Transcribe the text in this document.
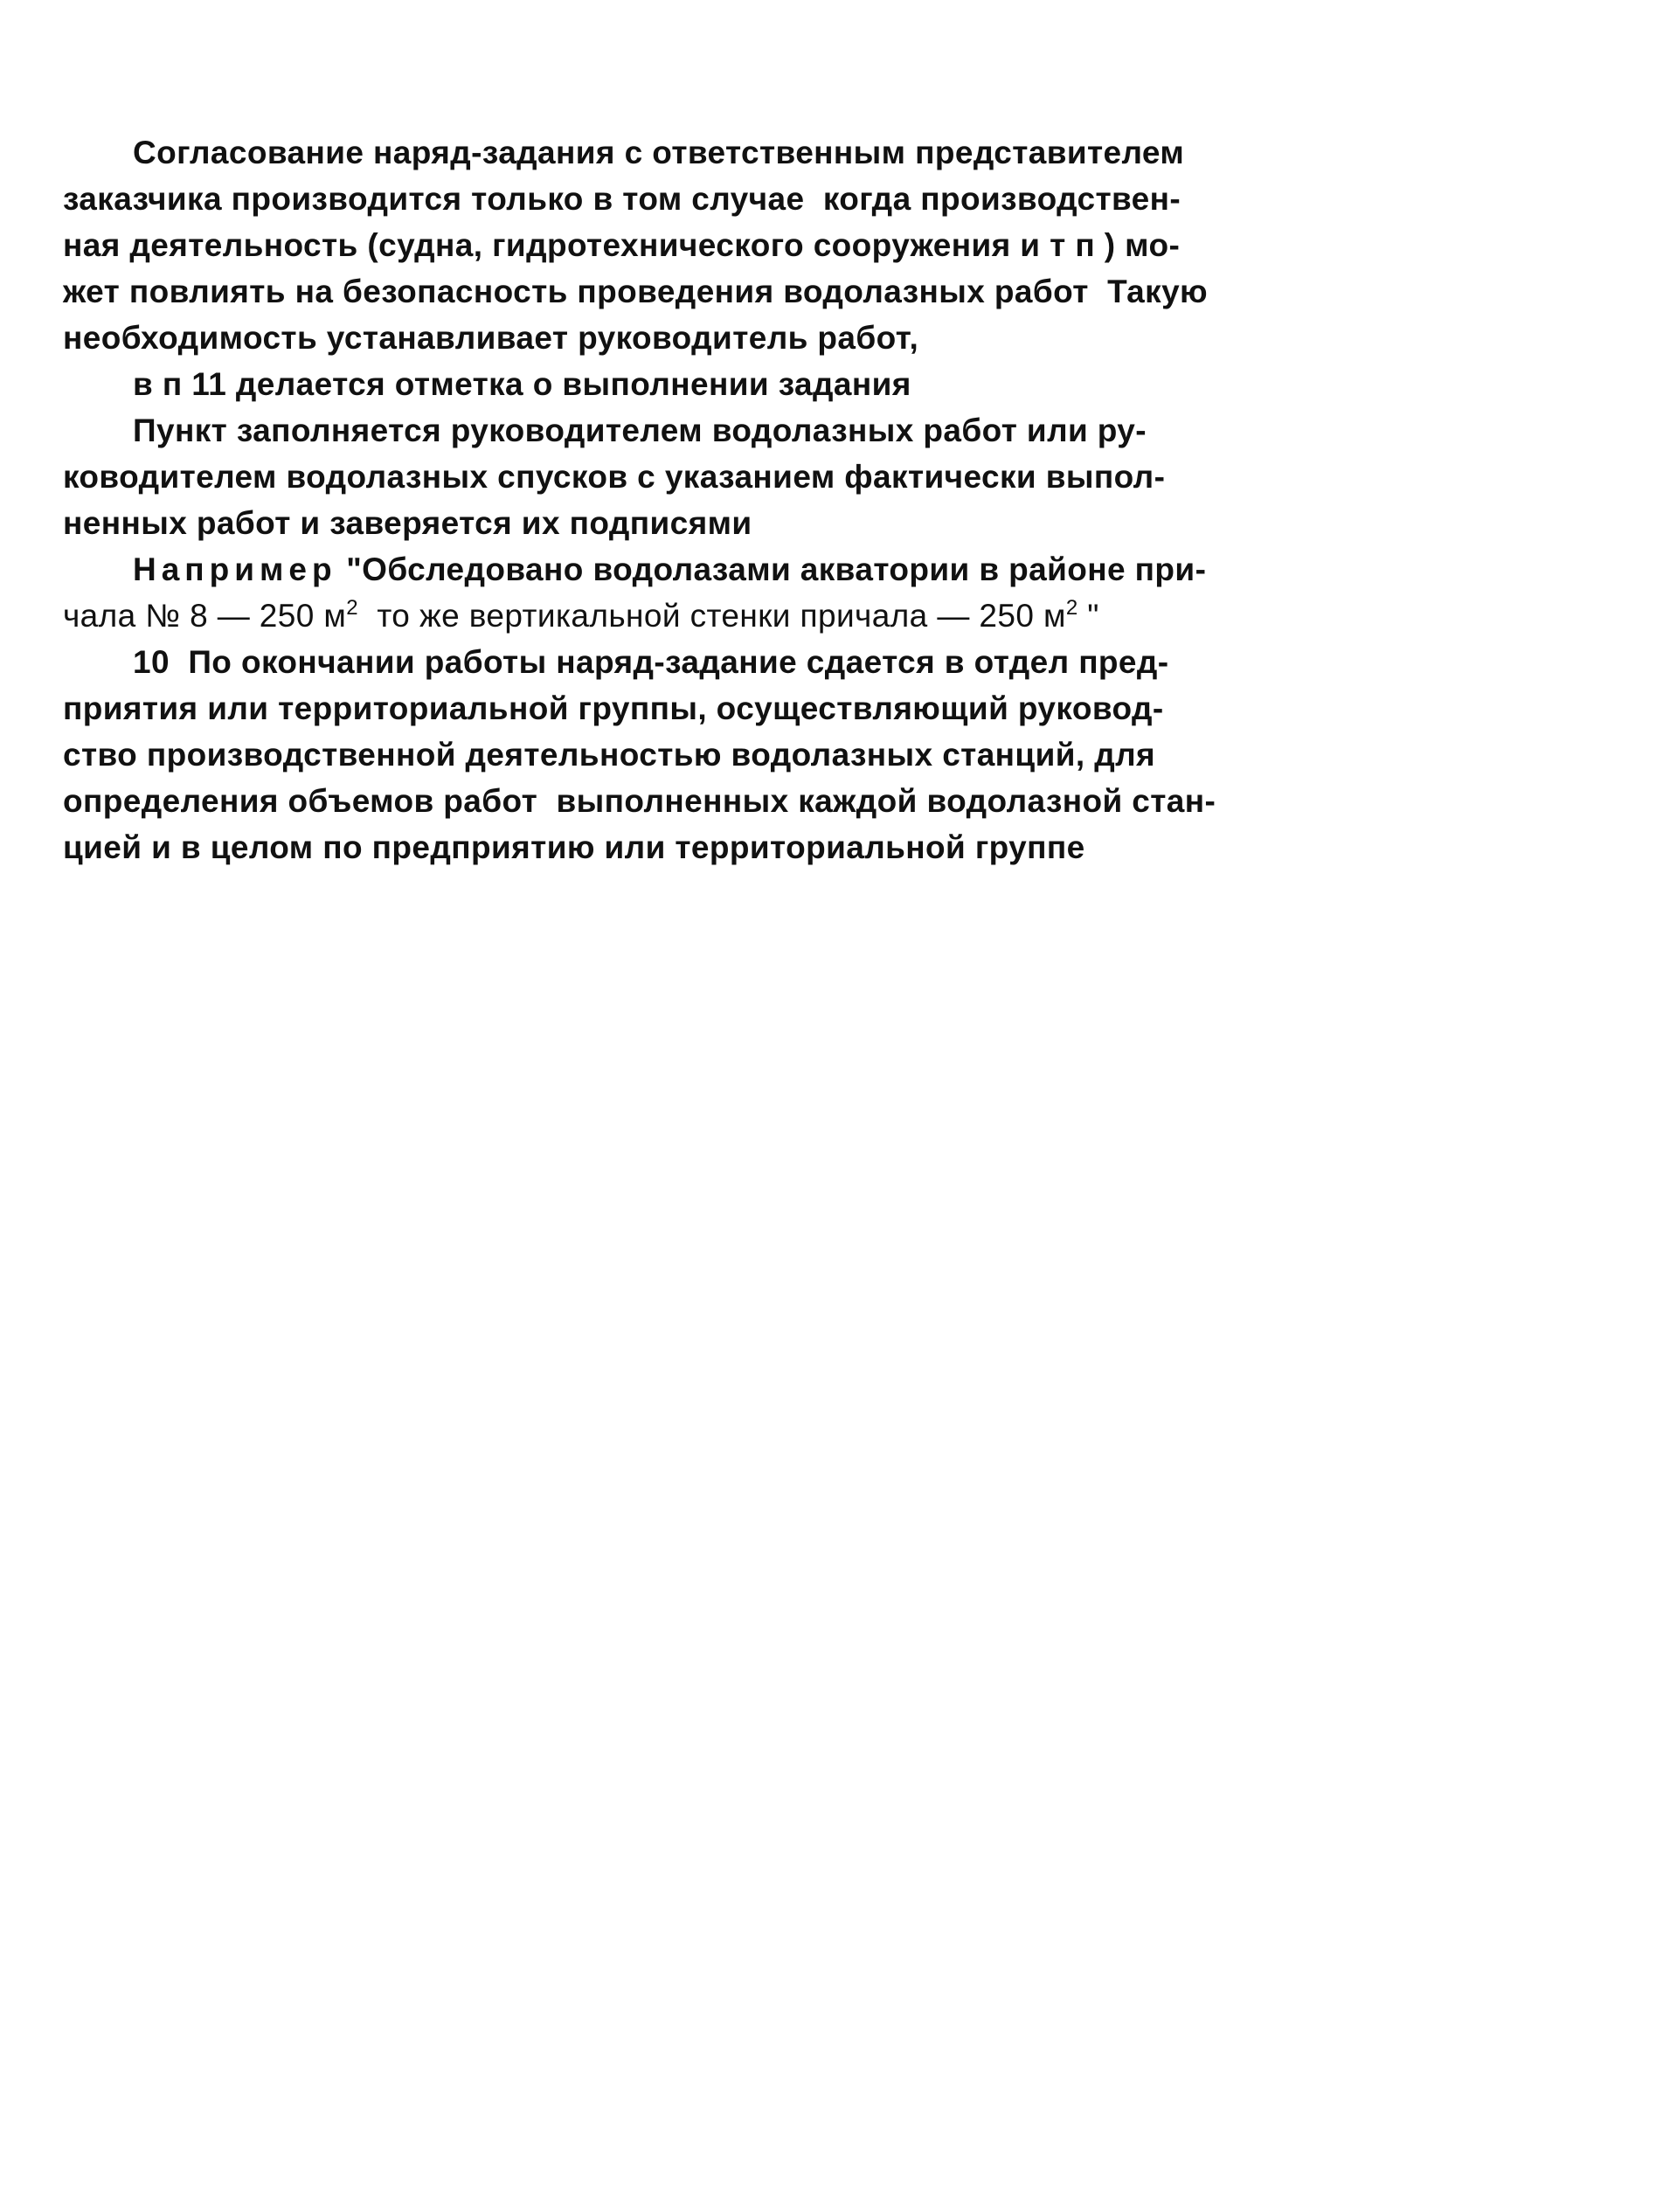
Согласование наряд-задания с ответственным представителем
заказчика производится только в том случае  когда производствен-
ная деятельность (судна, гидротехнического сооружения и т п ) мо-
жет повлиять на безопасность проведения водолазных работ  Такую
необходимость устанавливает руководитель работ,
в п 11 делается отметка о выполнении задания
Пункт заполняется руководителем водолазных работ или ру-
ководителем водолазных спусков с указанием фактически выпол-
ненных работ и заверяется их подписями
Например "Обследовано водолазами акватории в районе при-
чала № 8 — 250 $м^2$  то же вертикальной стенки причала — 250 $м^2$ "
10  По окончании работы наряд-задание сдается в отдел пред-
приятия или территориальной группы, осуществляющий руковод-
ство производственной деятельностью водолазных станций, для
определения объемов работ  выполненных каждой водолазной стан-
цией и в целом по предприятию или территориальной группе
